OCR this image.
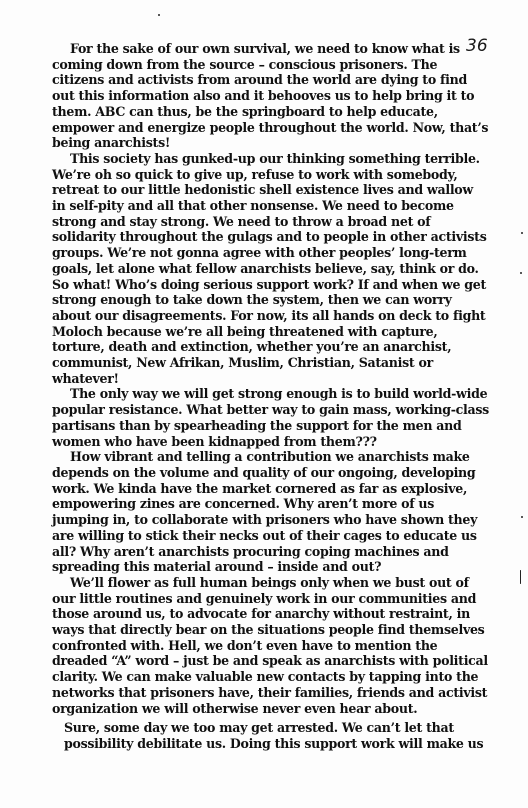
36

For the sake of our own survival, we need to know what is coming down from the source – conscious prisoners. The citizens and activists from around the world are dying to find out this information also and it behooves us to help bring it to them. ABC can thus, be the springboard to help educate, empower and energize people throughout the world. Now, that’s being anarchists!

This society has gunked-up our thinking something terrible. We’re oh so quick to give up, refuse to work with somebody, retreat to our little hedonistic shell existence lives and wallow in self-pity and all that other nonsense. We need to become strong and stay strong. We need to throw a broad net of solidarity throughout the gulags and to people in other activists groups. We’re not gonna agree with other peoples’ long-term goals, let alone what fellow anarchists believe, say, think or do. So what! Who’s doing serious support work? If and when we get strong enough to take down the system, then we can worry about our disagreements. For now, its all hands on deck to fight Moloch because we’re all being threatened with capture, torture, death and extinction, whether you’re an anarchist, communist, New Afrikan, Muslim, Christian, Satanist or whatever!

The only way we will get strong enough is to build world-wide popular resistance. What better way to gain mass, working-class partisans than by spearheading the support for the men and women who have been kidnapped from them???

How vibrant and telling a contribution we anarchists make depends on the volume and quality of our ongoing, developing work. We kinda have the market cornered as far as explosive, empowering zines are concerned. Why aren’t more of us jumping in, to collaborate with prisoners who have shown they are willing to stick their necks out of their cages to educate us all? Why aren’t anarchists procuring coping machines and spreading this material around – inside and out?

We’ll flower as full human beings only when we bust out of our little routines and genuinely work in our communities and those around us, to advocate for anarchy without restraint, in ways that directly bear on the situations people find themselves confronted with. Hell, we don’t even have to mention the dreaded “A” word – just be and speak as anarchists with political clarity. We can make valuable new contacts by tapping into the networks that prisoners have, their families, friends and activist organization we will otherwise never even hear about.

Sure, some day we too may get arrested. We can’t let that possibility debilitate us. Doing this support work will make us
